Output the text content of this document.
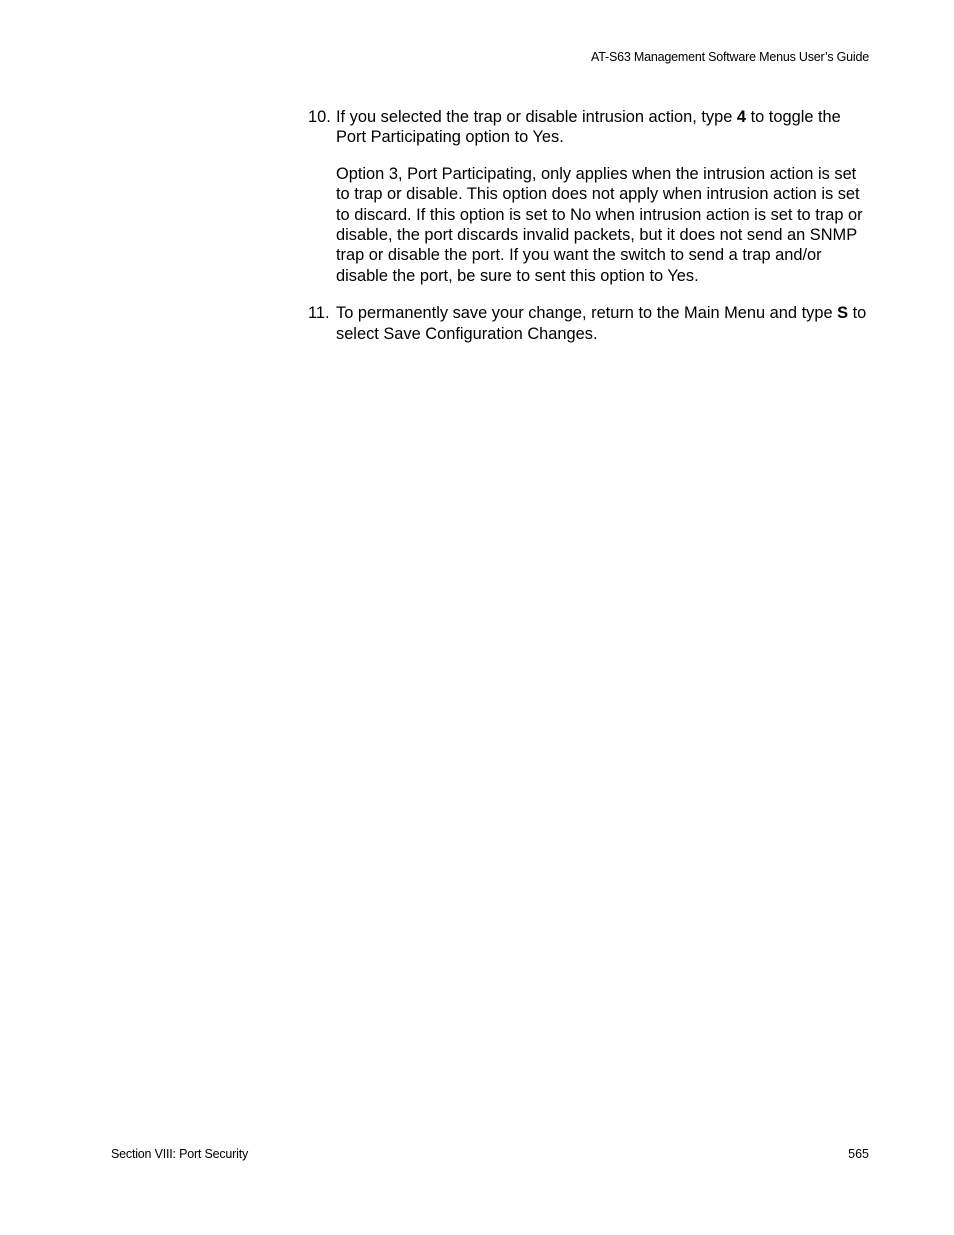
AT-S63 Management Software Menus User’s Guide
10. If you selected the trap or disable intrusion action, type 4 to toggle the Port Participating option to Yes.

Option 3, Port Participating, only applies when the intrusion action is set to trap or disable. This option does not apply when intrusion action is set to discard. If this option is set to No when intrusion action is set to trap or disable, the port discards invalid packets, but it does not send an SNMP trap or disable the port. If you want the switch to send a trap and/or disable the port, be sure to sent this option to Yes.

11. To permanently save your change, return to the Main Menu and type S to select Save Configuration Changes.

Section VIII: Port Security	565
